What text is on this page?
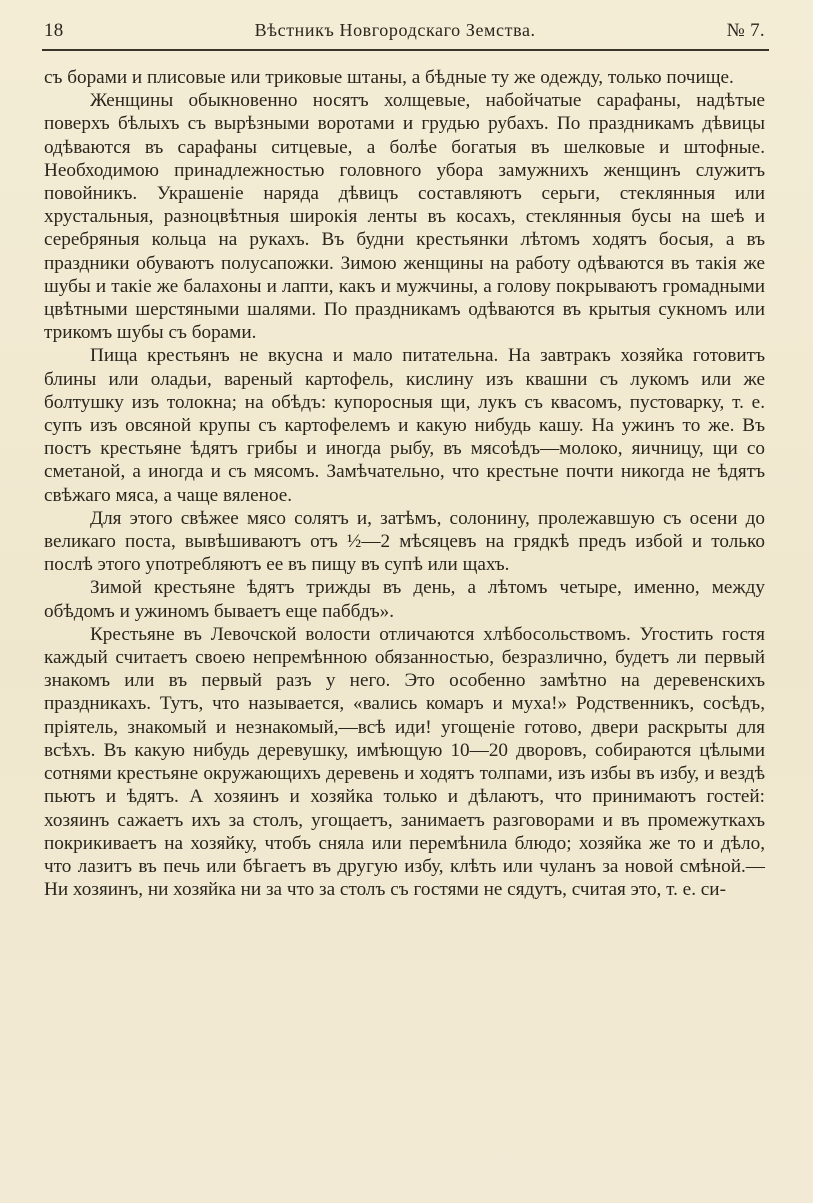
18	Вѣстникъ Новгородскаго Земства.	№ 7.

съ борами и плисовые или триковые штаны, а бѣдные ту же одежду, только почище.

Женщины обыкновенно носятъ холщевые, набойчатые сарафаны, надѣтые поверхъ бѣлыхъ съ вырѣзными воротами и грудью рубахъ. По праздникамъ дѣвицы одѣваются въ сарафаны ситцевые, а болѣе богатыя въ шелковые и штофные. Необходимою принадлежностью головного убора замужнихъ женщинъ служитъ повойникъ. Украшеніе наряда дѣвицъ составляютъ серьги, стеклянныя или хрустальныя, разноцвѣтныя широкія ленты въ косахъ, стеклянныя бусы на шеѣ и серебряныя кольца на рукахъ. Въ будни крестьянки лѣтомъ ходятъ босыя, а въ праздники обуваютъ полусапожки. Зимою женщины на работу одѣваются въ такія же шубы и такіе же балахоны и лапти, какъ и мужчины, а голову покрываютъ громадными цвѣтными шерстяными шалями. По праздникамъ одѣваются въ крытыя сукномъ или трикомъ шубы съ борами.

Пища крестьянъ не вкусна и мало питательна. На завтракъ хозяйка готовитъ блины или оладьи, вареный картофель, кислину изъ квашни съ лукомъ или же болтушку изъ толокна; на обѣдъ: купоросныя щи, лукъ съ квасомъ, пустоварку, т. е. супъ изъ овсяной крупы съ картофелемъ и какую нибудь кашу. На ужинъ то же. Въ постъ крестьяне ѣдятъ грибы и иногда рыбу, въ мясоѣдъ—молоко, яичницу, щи со сметаной, а иногда и съ мясомъ. Замѣчательно, что крестьне почти никогда не ѣдятъ свѣжаго мяса, а чаще вяленое.

Для этого свѣжее мясо солятъ и, затѣмъ, солонину, пролежавшую съ осени до великаго поста, вывѣшиваютъ отъ ½—2 мѣсяцевъ на грядкѣ предъ избой и только послѣ этого употребляютъ ее въ пищу въ супѣ или щахъ.

Зимой крестьяне ѣдятъ трижды въ день, а лѣтомъ четыре, именно, между обѣдомъ и ужиномъ бываетъ еще паббдъ».

Крестьяне въ Левочской волости отличаются хлѣбосольствомъ. Угостить гостя каждый считаетъ своею непремѣнною обязанностью, безразлично, будетъ ли первый знакомъ или въ первый разъ у него. Это особенно замѣтно на деревенскихъ праздникахъ. Тутъ, что называется, «вались комаръ и муха!» Родственникъ, сосѣдъ, пріятель, знакомый и незнакомый,—всѣ иди! угощеніе готово, двери раскрыты для всѣхъ. Въ какую нибудь деревушку, имѣющую 10—20 дворовъ, собираются цѣлыми сотнями крестьяне окружающихъ деревень и ходятъ толпами, изъ избы въ избу, и вездѣ пьютъ и ѣдятъ. А хозяинъ и хозяйка только и дѣлаютъ, что принимаютъ гостей: хозяинъ сажаетъ ихъ за столъ, угощаетъ, занимаетъ разговорами и въ промежуткахъ покрикиваетъ на хозяйку, чтобъ сняла или перемѣнила блюдо; хозяйка же то и дѣло, что лазитъ въ печь или бѣгаетъ въ другую избу, клѣть или чуланъ за новой смѣной.—Ни хозяинъ, ни хозяйка ни за что за столъ съ гостями не сядутъ, считая это, т. е. си-
